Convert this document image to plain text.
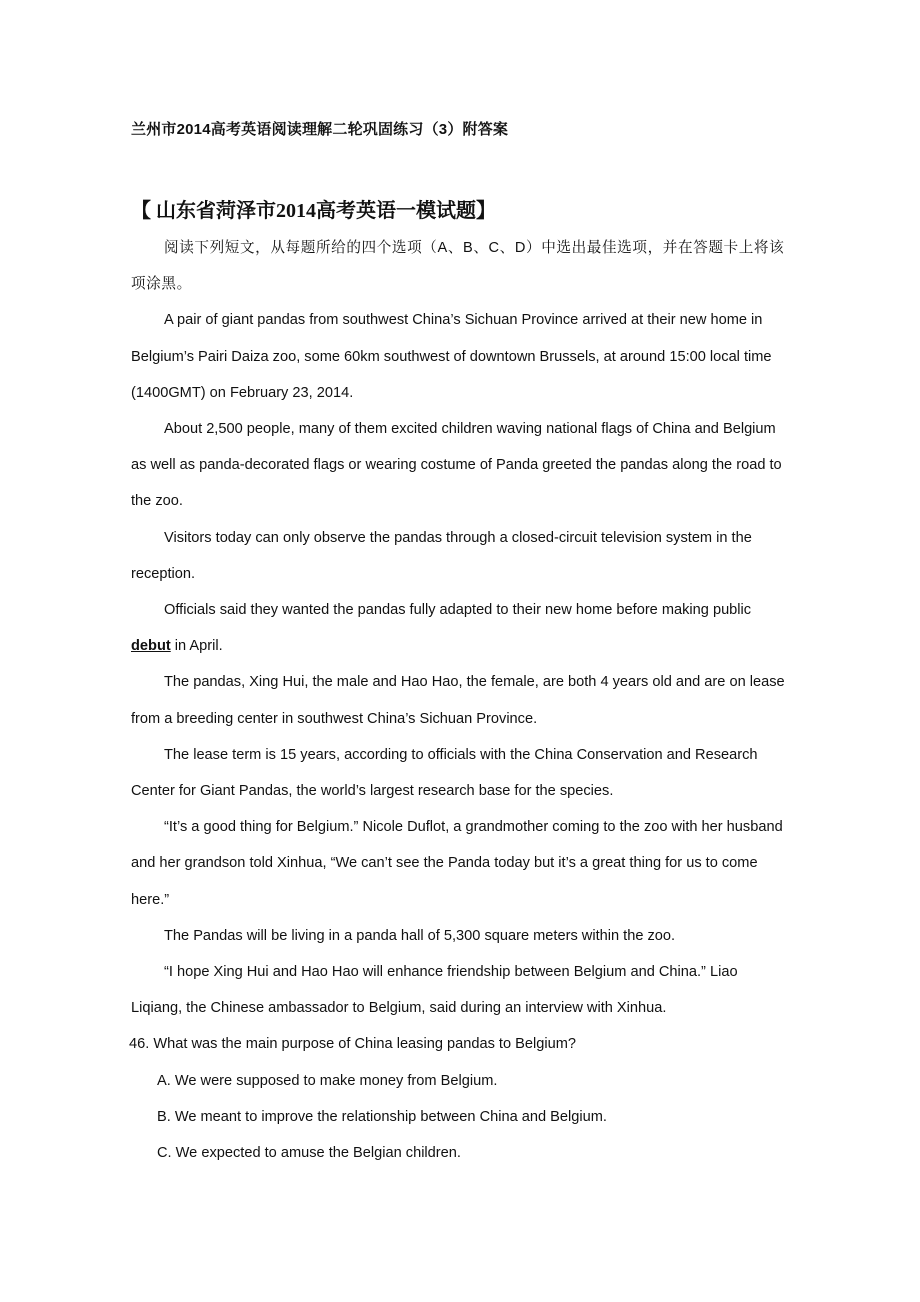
兰州市2014高考英语阅读理解二轮巩固练习（3）附答案
【 山东省菏泽市2014高考英语一模试题】

阅读下列短文，从每题所给的四个选项（A、B、C、D）中选出最佳选项，并在答题卡上将该项涂黑。

A pair of giant pandas from southwest China’s Sichuan Province arrived at their new home in Belgium’s Pairi Daiza zoo, some 60km southwest of downtown Brussels, at around 15:00 local time (1400GMT) on February 23, 2014.

About 2,500 people, many of them excited children waving national flags of China and Belgium as well as panda-decorated flags or wearing costume of Panda greeted the pandas along the road to the zoo.

Visitors today can only observe the pandas through a closed-circuit television system in the reception.

Officials said they wanted the pandas fully adapted to their new home before making public debut in April.

The pandas, Xing Hui, the male and Hao Hao, the female, are both 4 years old and are on lease from a breeding center in southwest China’s Sichuan Province.

The lease term is 15 years, according to officials with the China Conservation and Research Center for Giant Pandas, the world’s largest research base for the species.

“It’s a good thing for Belgium.” Nicole Duflot, a grandmother coming to the zoo with her husband and her grandson told Xinhua, “We can’t see the Panda today but it’s a great thing for us to come here.”

The Pandas will be living in a panda hall of 5,300 square meters within the zoo.

“I hope Xing Hui and Hao Hao will enhance friendship between Belgium and China.” Liao Liqiang, the Chinese ambassador to Belgium, said during an interview with Xinhua.

46. What was the main purpose of China leasing pandas to Belgium?

A. We were supposed to make money from Belgium.

B. We meant to improve the relationship between China and Belgium.

C. We expected to amuse the Belgian children.
